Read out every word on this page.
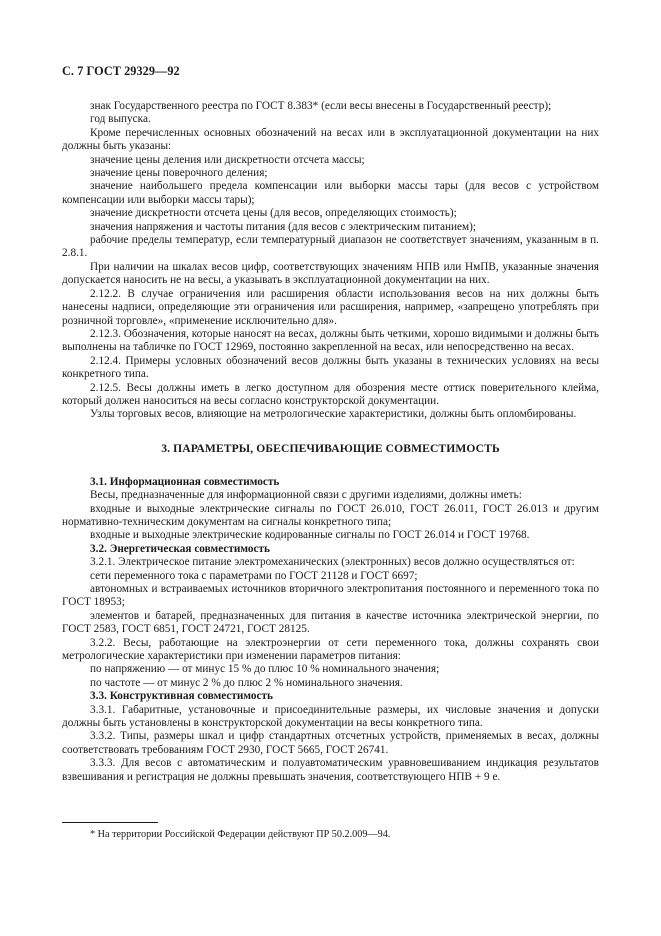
С. 7 ГОСТ 29329—92

знак Государственного реестра по ГОСТ 8.383* (если весы внесены в Государственный реестр);

год выпуска.

Кроме перечисленных основных обозначений на весах или в эксплуатационной документации на них должны быть указаны:

значение цены деления или дискретности отсчета массы;

значение цены поверочного деления;

значение наибольшего предела компенсации или выборки массы тары (для весов с устройством компенсации или выборки массы тары);

значение дискретности отсчета цены (для весов, определяющих стоимость);

значения напряжения и частоты питания (для весов с электрическим питанием);

рабочие пределы температур, если температурный диапазон не соответствует значениям, указанным в п. 2.8.1.

При наличии на шкалах весов цифр, соответствующих значениям НПВ или НмПВ, указанные значения допускается наносить не на весы, а указывать в эксплуатационной документации на них.

2.12.2. В случае ограничения или расширения области использования весов на них должны быть нанесены надписи, определяющие эти ограничения или расширения, например, «запрещено употреблять при розничной торговле», «применение исключительно для».

2.12.3. Обозначения, которые наносят на весах, должны быть четкими, хорошо видимыми и должны быть выполнены на табличке по ГОСТ 12969, постоянно закрепленной на весах, или непосредственно на весах.

2.12.4. Примеры условных обозначений весов должны быть указаны в технических условиях на весы конкретного типа.

2.12.5. Весы должны иметь в легко доступном для обозрения месте оттиск поверительного клейма, который должен наноситься на весы согласно конструкторской документации.

Узлы торговых весов, влияющие на метрологические характеристики, должны быть опломбированы.

3. ПАРАМЕТРЫ, ОБЕСПЕЧИВАЮЩИЕ СОВМЕСТИМОСТЬ

3.1. Информационная совместимость

Весы, предназначенные для информационной связи с другими изделиями, должны иметь:

входные и выходные электрические сигналы по ГОСТ 26.010, ГОСТ 26.011, ГОСТ 26.013 и другим нормативно-техническим документам на сигналы конкретного типа;

входные и выходные электрические кодированные сигналы по ГОСТ 26.014 и ГОСТ 19768.

3.2. Энергетическая совместимость

3.2.1. Электрическое питание электромеханических (электронных) весов должно осуществляться от:

сети переменного тока с параметрами по ГОСТ 21128 и ГОСТ 6697;

автономных и встраиваемых источников вторичного электропитания постоянного и переменного тока по ГОСТ 18953;

элементов и батарей, предназначенных для питания в качестве источника электрической энергии, по ГОСТ 2583, ГОСТ 6851, ГОСТ 24721, ГОСТ 28125.

3.2.2. Весы, работающие на электроэнергии от сети переменного тока, должны сохранять свои метрологические характеристики при изменении параметров питания:

по напряжению — от минус 15 % до плюс 10 % номинального значения;

по частоте — от минус 2 % до плюс 2 % номинального значения.

3.3. Конструктивная совместимость

3.3.1. Габаритные, установочные и присоединительные размеры, их числовые значения и допуски должны быть установлены в конструкторской документации на весы конкретного типа.

3.3.2. Типы, размеры шкал и цифр стандартных отсчетных устройств, применяемых в весах, должны соответствовать требованиям ГОСТ 2930, ГОСТ 5665, ГОСТ 26741.

3.3.3. Для весов с автоматическим и полуавтоматическим уравновешиванием индикация результатов взвешивания и регистрация не должны превышать значения, соответствующего НПВ + 9 е.

* На территории Российской Федерации действуют ПР 50.2.009—94.
